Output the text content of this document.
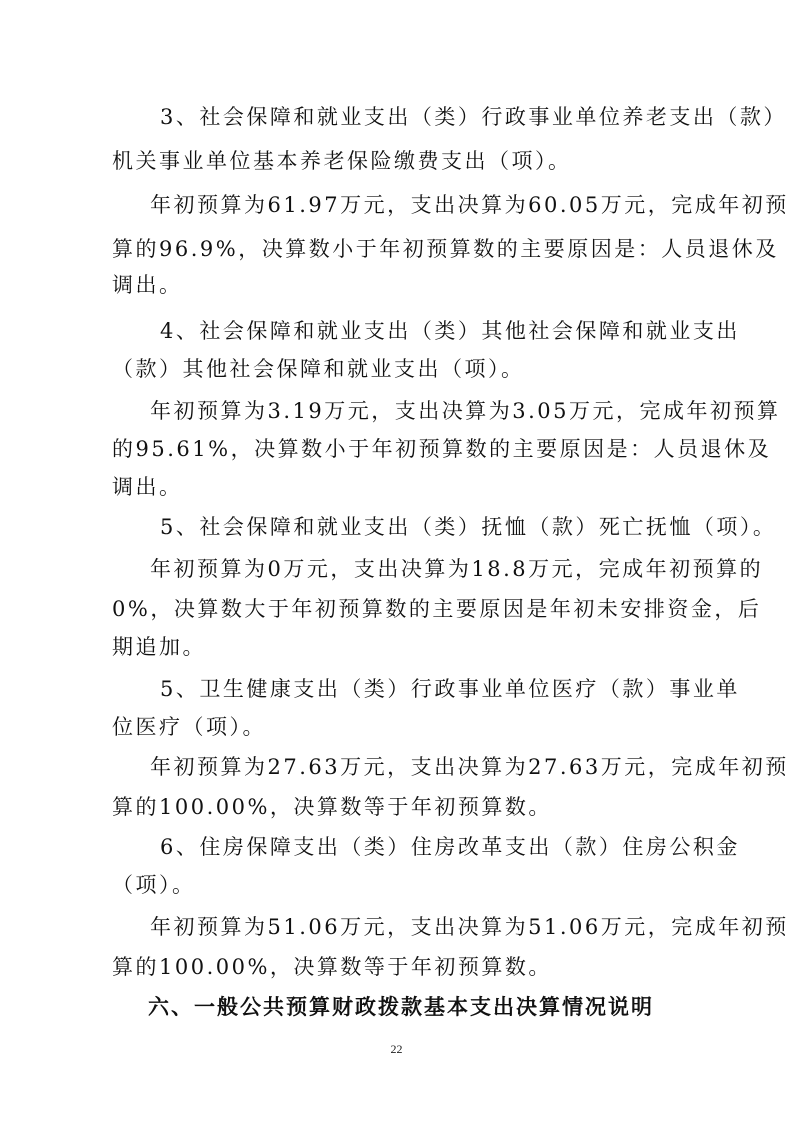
3、社会保障和就业支出（类）行政事业单位养老支出（款）
机关事业单位基本养老保险缴费支出（项）。
年初预算为61.97万元，支出决算为60.05万元，完成年初预
算的96.9%，决算数小于年初预算数的主要原因是：人员退休及
调出。
4、社会保障和就业支出（类）其他社会保障和就业支出
（款）其他社会保障和就业支出（项）。
年初预算为3.19万元，支出决算为3.05万元，完成年初预算
的95.61%，决算数小于年初预算数的主要原因是：人员退休及
调出。
5、社会保障和就业支出（类）抚恤（款）死亡抚恤（项）。
年初预算为0万元，支出决算为18.8万元，完成年初预算的
0%，决算数大于年初预算数的主要原因是年初未安排资金，后
期追加。
5、卫生健康支出（类）行政事业单位医疗（款）事业单
位医疗（项）。
年初预算为27.63万元，支出决算为27.63万元，完成年初预
算的100.00%，决算数等于年初预算数。
6、住房保障支出（类）住房改革支出（款）住房公积金
（项）。
年初预算为51.06万元，支出决算为51.06万元，完成年初预
算的100.00%，决算数等于年初预算数。
六、一般公共预算财政拨款基本支出决算情况说明
22
